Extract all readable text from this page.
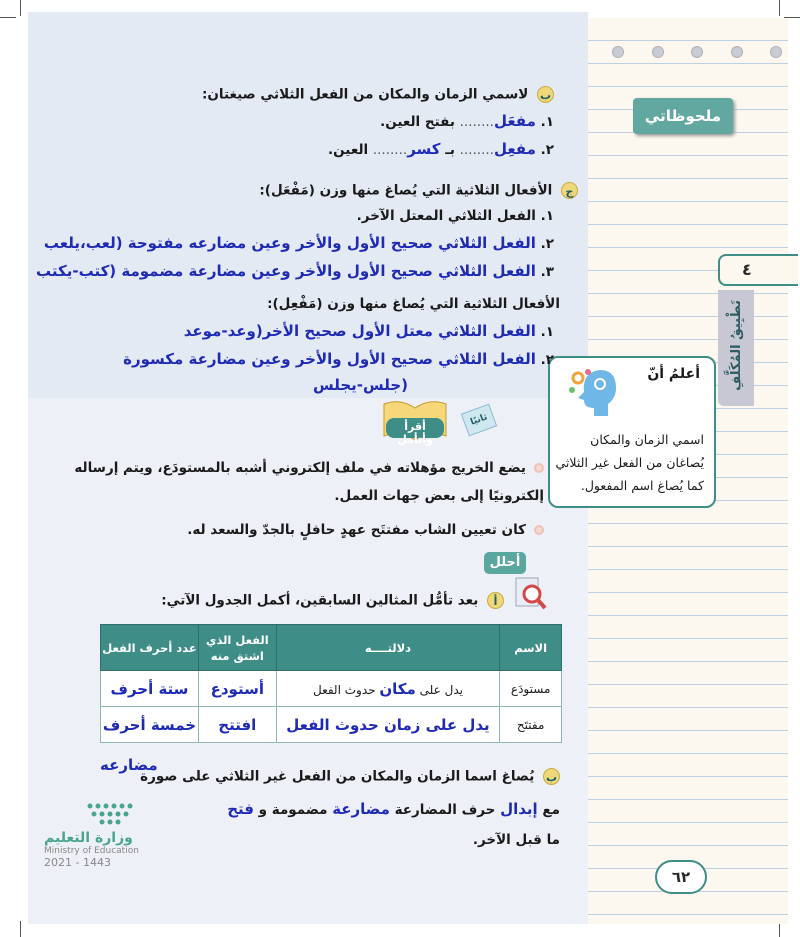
ملحوظاتي
٤
تَطْبِيقُ المُكَلَّفِ
أعلمُ أنّ
اسمي الزمان والمكان يُصاغان من الفعل غير الثلاثي كما يُصاغ اسم المفعول.
ب لاسمي الزمان والمكان من الفعل الثلاثي صيغتان:
١. مفعَل........ بفتح العين.
٢. مفعِل........ بـ كسر........ العين.
ج الأفعال الثلاثية التي يُصاغ منها وزن (مَفْعَل):
١. الفعل الثلاثي المعتل الآخر.
٢. الفعل الثلاثي صحيح الأول والأخر وعين مضارعه مفتوحة (لعب،يلعب
٣. الفعل الثلاثي صحيح الأول والأخر وعين مضارعة مضمومة (كتب-يكتب
الأفعال الثلاثية التي يُصاغ منها وزن (مَفْعِل):
١. الفعل الثلاثي معتل الأول صحيح الأخر(وعد-موعد
٢. الفعل الثلاثي صحيح الأول والأخر وعين مضارعة مكسورة
(جلس-يجلس
أقرأ وأتأمل
ثانيًا
يضع الخريج مؤهلاته في ملف إلكتروني أشبه بالمستودَع، ويتم إرساله
إلكترونيًا إلى بعض جهات العمل.
كان تعيين الشاب مفتتَح عهدٍ حافلٍ بالجدّ والسعد له.
أحلل
أ بعد تأمُّل المثالين السابقين، أكمل الجدول الآتي:
الاسم	دلالتــــه	الفعل الذي اشتق منه	عدد أحرف الفعل
مستودَع	يدل على مكان حدوث الفعل	أستودع	ستة أحرف
مفتتَح	يدل على زمان حدوث الفعل	افتتح	خمسة أحرف
ب يُصاغ اسما الزمان والمكان من الفعل غير الثلاثي على صورة
مضارعه
مع إبدال حرف المضارعة مضارعة مضمومة و فتح
ما قبل الآخر.
وزارة التعليم
Ministry of Education
2021 - 1443
٦٢
